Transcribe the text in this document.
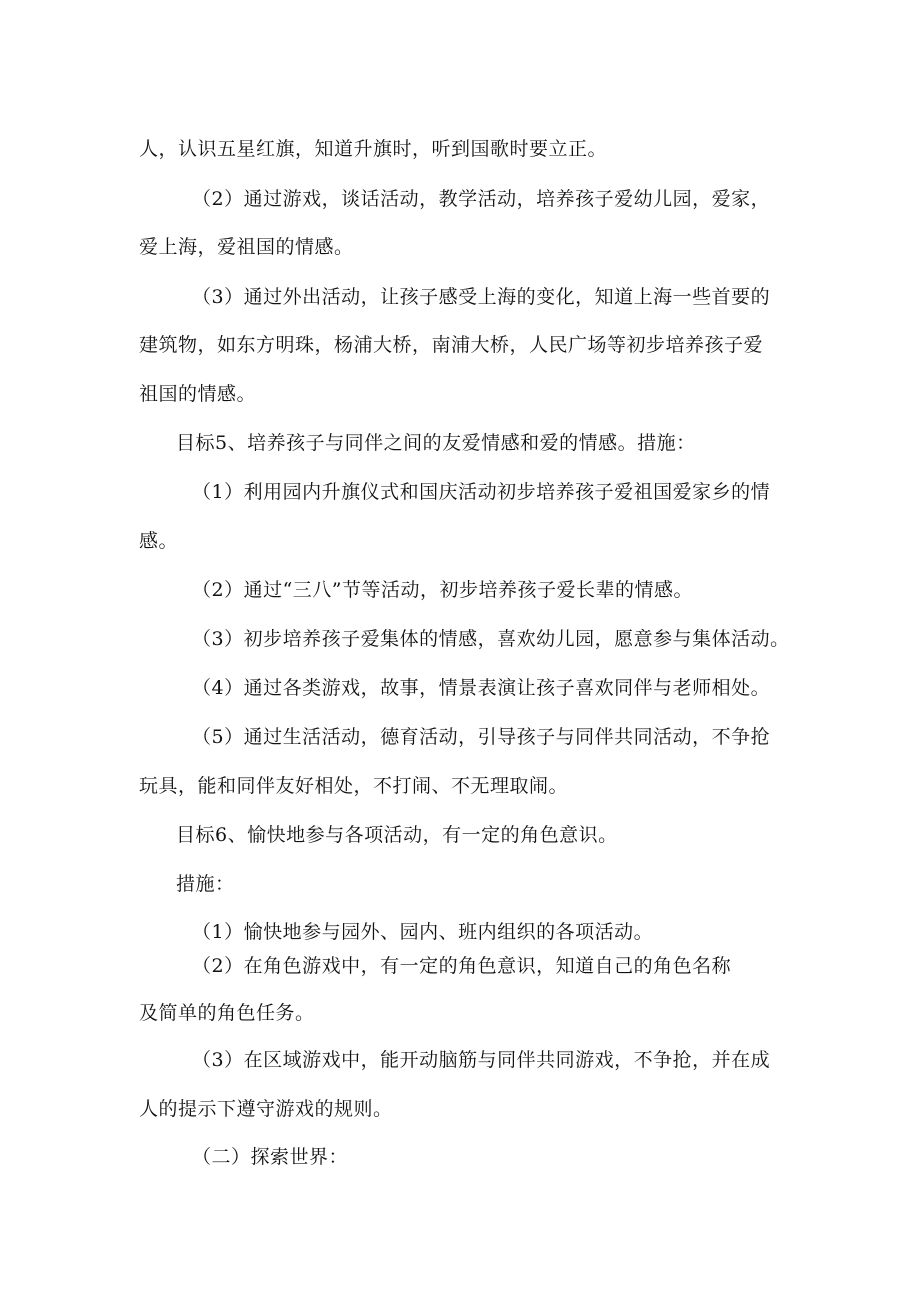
人，认识五星红旗，知道升旗时，听到国歌时要立正。
（2）通过游戏，谈话活动，教学活动，培养孩子爱幼儿园，爱家，
爱上海，爱祖国的情感。
（3）通过外出活动，让孩子感受上海的变化，知道上海一些首要的
建筑物，如东方明珠，杨浦大桥，南浦大桥，人民广场等初步培养孩子爱
祖国的情感。
目标5、培养孩子与同伴之间的友爱情感和爱的情感。措施：
（1）利用园内升旗仪式和国庆活动初步培养孩子爱祖国爱家乡的情
感。
（2）通过“三八”节等活动，初步培养孩子爱长辈的情感。
（3）初步培养孩子爱集体的情感，喜欢幼儿园，愿意参与集体活动。
（4）通过各类游戏，故事，情景表演让孩子喜欢同伴与老师相处。
（5）通过生活活动，德育活动，引导孩子与同伴共同活动，不争抢
玩具，能和同伴友好相处，不打闹、不无理取闹。
目标6、愉快地参与各项活动，有一定的角色意识。
措施：
（1）愉快地参与园外、园内、班内组织的各项活动。
（2）在角色游戏中，有一定的角色意识，知道自己的角色名称
及简单的角色任务。
（3）在区域游戏中，能开动脑筋与同伴共同游戏，不争抢，并在成
人的提示下遵守游戏的规则。
（二）探索世界：
